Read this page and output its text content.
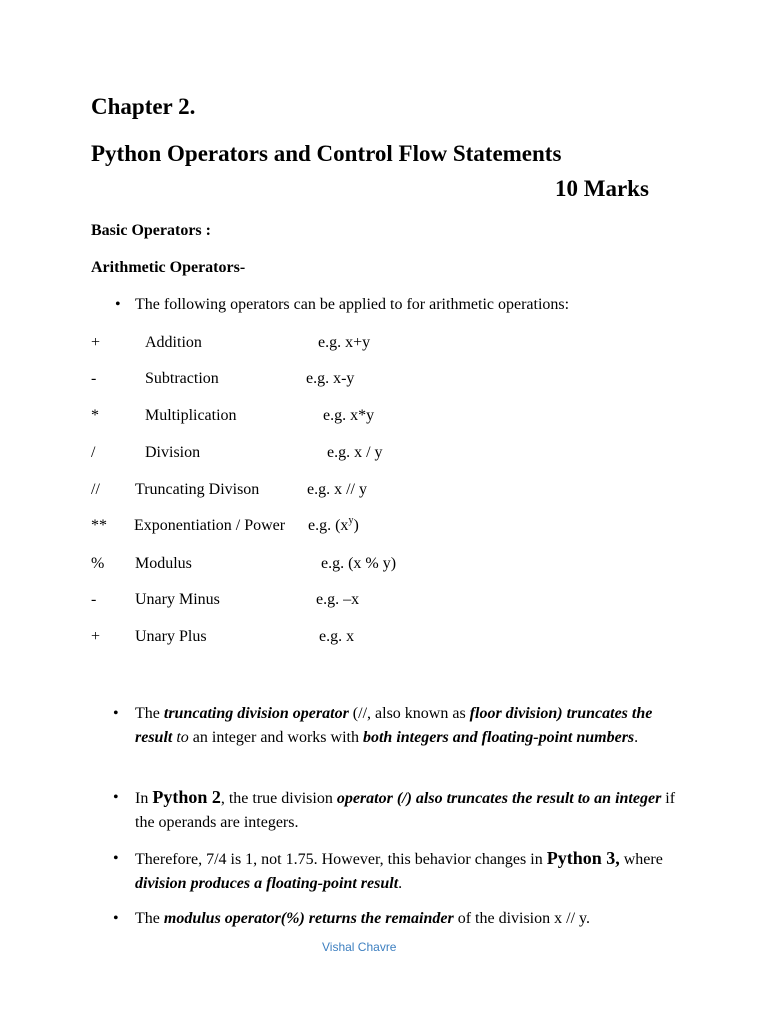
Chapter 2.
Python Operators and Control Flow Statements
10 Marks
Basic Operators :
Arithmetic Operators-
• The following operators can be applied to for arithmetic operations:
+	Addition	e.g. x+y
-	Subtraction	e.g. x-y
*	Multiplication	e.g. x*y
/	Division	e.g. x / y
// Truncating Divison	e.g. x // y
** Exponentiation / Power e.g. $(x^y)$
% Modulus	e.g. (x % y)
- Unary Minus	e.g. –x
+ Unary Plus	e.g. x
• The truncating division operator (//, also known as floor division) truncates the result to an integer and works with both integers and floating-point numbers.
• In Python 2, the true division operator (/) also truncates the result to an integer if the operands are integers.
• Therefore, 7/4 is 1, not 1.75. However, this behavior changes in Python 3, where division produces a floating-point result.
• The modulus operator(%) returns the remainder of the division x // y.
Vishal Chavre
